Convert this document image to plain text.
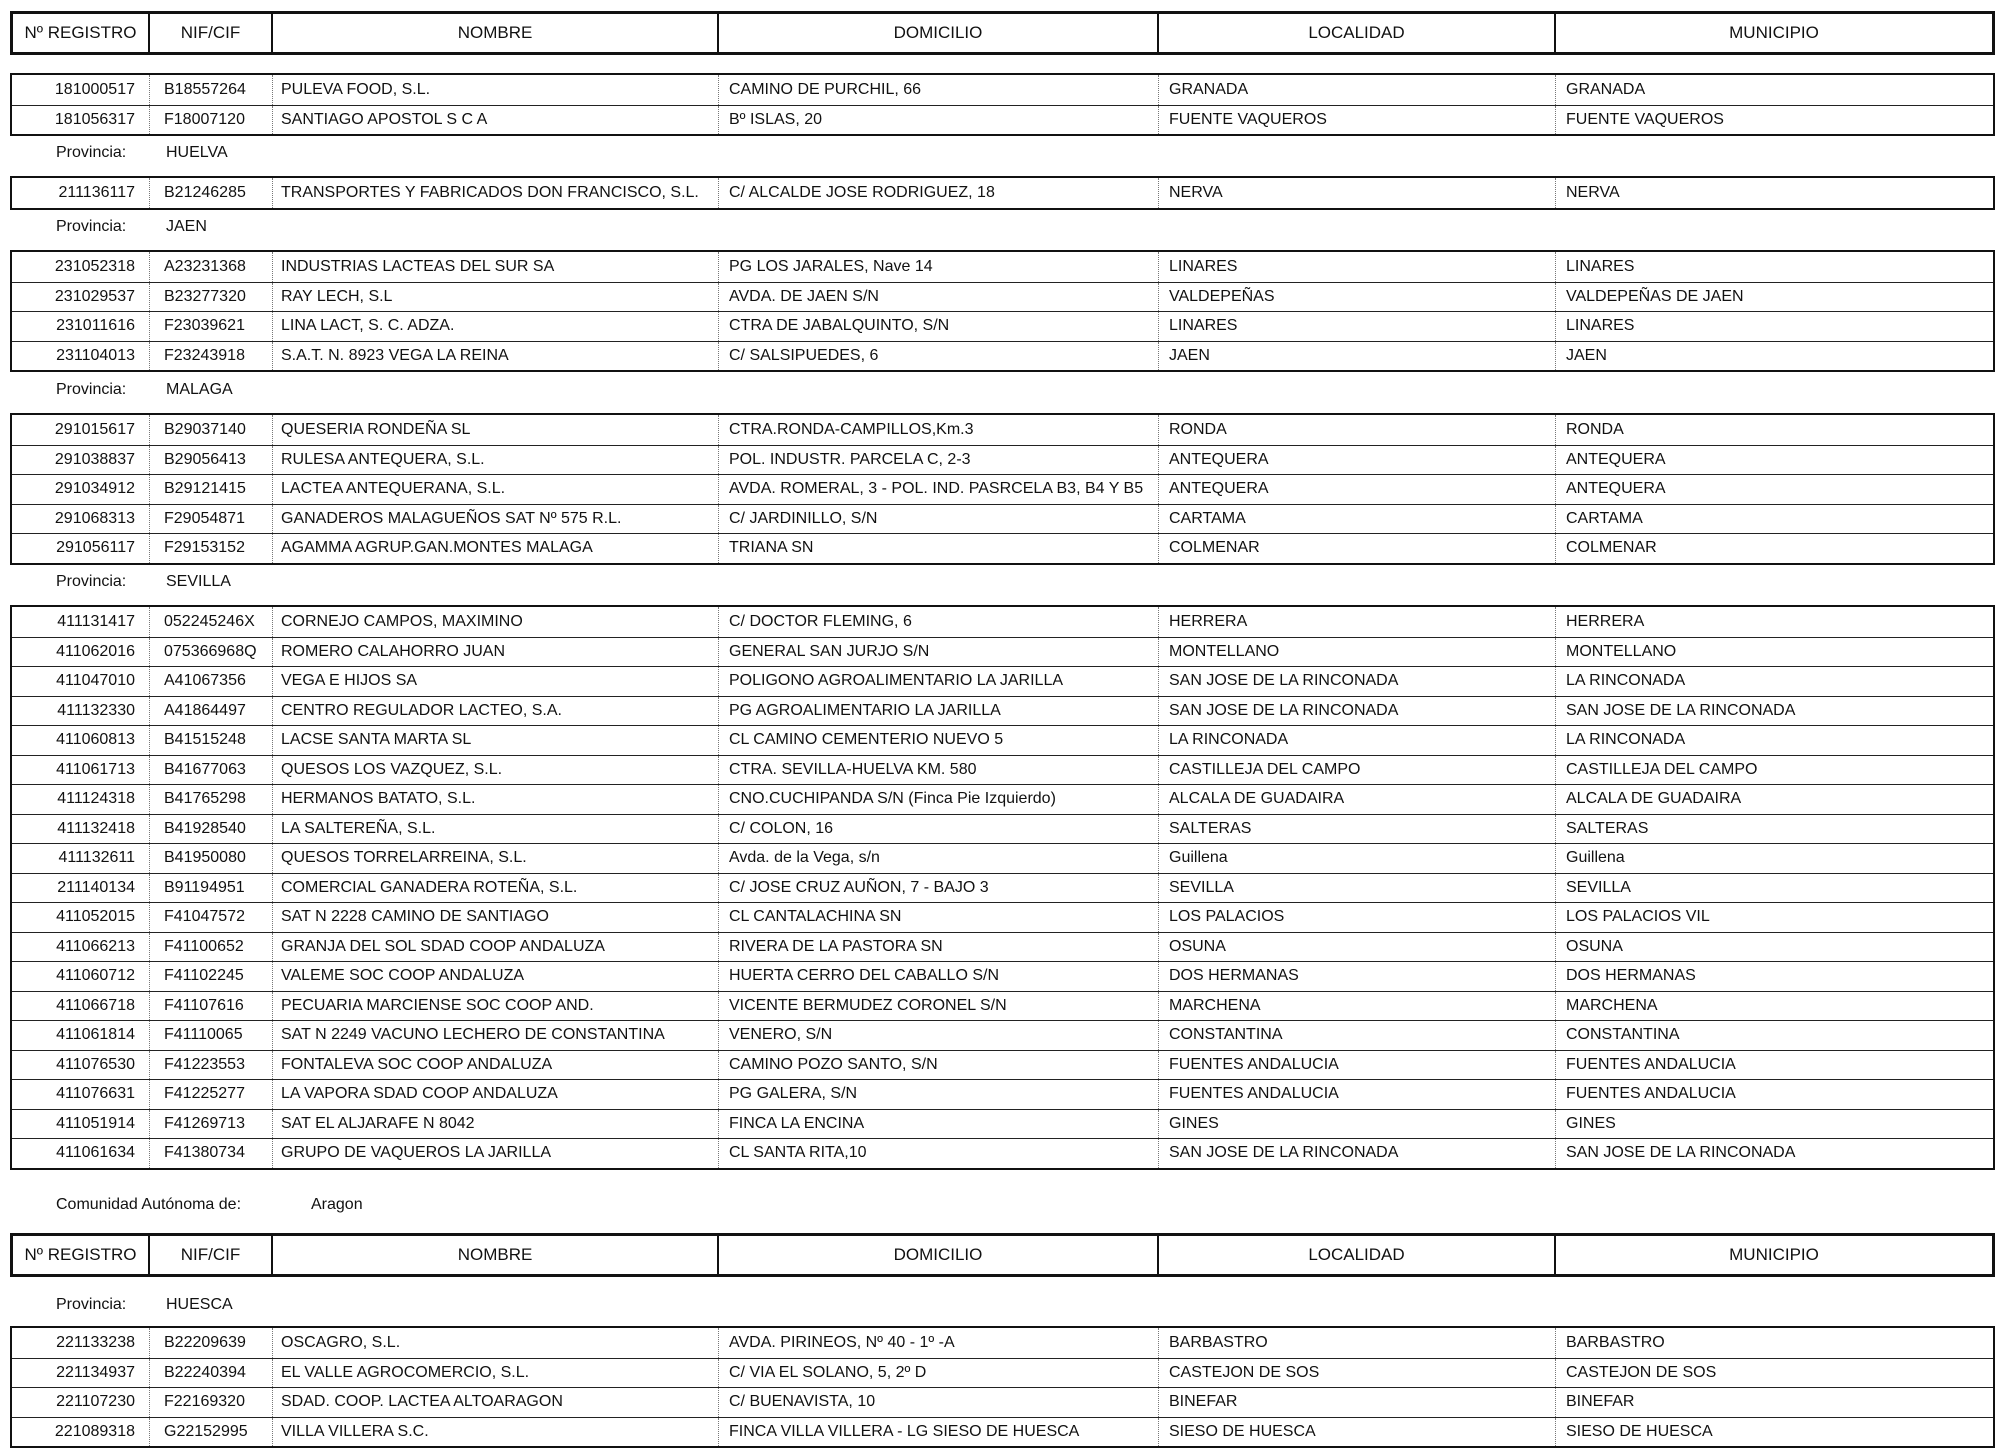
Nº REGISTRO	NIF/CIF	NOMBRE	DOMICILIO	LOCALIDAD	MUNICIPIO
181000517	B18557264	PULEVA FOOD, S.L.	CAMINO DE PURCHIL, 66	GRANADA	GRANADA
181056317	F18007120	SANTIAGO APOSTOL S C A	Bº ISLAS, 20	FUENTE VAQUEROS	FUENTE VAQUEROS
Provincia:	HUELVA
211136117	B21246285	TRANSPORTES Y FABRICADOS DON FRANCISCO, S.L.	C/ ALCALDE JOSE RODRIGUEZ, 18	NERVA	NERVA
Provincia:	JAEN
231052318	A23231368	INDUSTRIAS LACTEAS DEL SUR SA	PG LOS JARALES, Nave 14	LINARES	LINARES
231029537	B23277320	RAY LECH, S.L	AVDA. DE JAEN S/N	VALDEPEÑAS	VALDEPEÑAS DE JAEN
231011616	F23039621	LINA LACT, S. C. ADZA.	CTRA DE JABALQUINTO, S/N	LINARES	LINARES
231104013	F23243918	S.A.T. N. 8923 VEGA LA REINA	C/ SALSIPUEDES, 6	JAEN	JAEN
Provincia:	MALAGA
291015617	B29037140	QUESERIA RONDEÑA SL	CTRA.RONDA-CAMPILLOS,Km.3	RONDA	RONDA
291038837	B29056413	RULESA ANTEQUERA, S.L.	POL. INDUSTR. PARCELA C, 2-3	ANTEQUERA	ANTEQUERA
291034912	B29121415	LACTEA ANTEQUERANA, S.L.	AVDA. ROMERAL, 3 - POL. IND. PASRCELA B3, B4 Y B5	ANTEQUERA	ANTEQUERA
291068313	F29054871	GANADEROS MALAGUEÑOS SAT Nº 575 R.L.	C/ JARDINILLO, S/N	CARTAMA	CARTAMA
291056117	F29153152	AGAMMA AGRUP.GAN.MONTES MALAGA	TRIANA SN	COLMENAR	COLMENAR
Provincia:	SEVILLA
411131417	052245246X	CORNEJO CAMPOS, MAXIMINO	C/ DOCTOR FLEMING, 6	HERRERA	HERRERA
411062016	075366968Q	ROMERO CALAHORRO JUAN	GENERAL SAN JURJO S/N	MONTELLANO	MONTELLANO
411047010	A41067356	VEGA E HIJOS SA	POLIGONO AGROALIMENTARIO LA JARILLA	SAN JOSE DE LA RINCONADA	LA RINCONADA
411132330	A41864497	CENTRO REGULADOR LACTEO, S.A.	PG AGROALIMENTARIO LA JARILLA	SAN JOSE DE LA RINCONADA	SAN JOSE DE LA RINCONADA
411060813	B41515248	LACSE SANTA MARTA SL	CL CAMINO CEMENTERIO NUEVO 5	LA RINCONADA	LA RINCONADA
411061713	B41677063	QUESOS LOS VAZQUEZ, S.L.	CTRA. SEVILLA-HUELVA KM. 580	CASTILLEJA DEL CAMPO	CASTILLEJA DEL CAMPO
411124318	B41765298	HERMANOS BATATO, S.L.	CNO.CUCHIPANDA S/N (Finca Pie Izquierdo)	ALCALA DE GUADAIRA	ALCALA DE GUADAIRA
411132418	B41928540	LA SALTEREÑA, S.L.	C/ COLON, 16	SALTERAS	SALTERAS
411132611	B41950080	QUESOS TORRELARREINA, S.L.	Avda. de la Vega, s/n	Guillena	Guillena
211140134	B91194951	COMERCIAL GANADERA ROTEÑA, S.L.	C/ JOSE CRUZ AUÑON, 7 - BAJO 3	SEVILLA	SEVILLA
411052015	F41047572	SAT N 2228 CAMINO DE SANTIAGO	CL CANTALACHINA SN	LOS PALACIOS	LOS PALACIOS VIL
411066213	F41100652	GRANJA DEL SOL SDAD COOP ANDALUZA	RIVERA DE LA PASTORA SN	OSUNA	OSUNA
411060712	F41102245	VALEME SOC COOP ANDALUZA	HUERTA CERRO DEL CABALLO S/N	DOS HERMANAS	DOS HERMANAS
411066718	F41107616	PECUARIA MARCIENSE SOC COOP AND.	VICENTE BERMUDEZ CORONEL S/N	MARCHENA	MARCHENA
411061814	F41110065	SAT N 2249 VACUNO LECHERO DE CONSTANTINA	VENERO, S/N	CONSTANTINA	CONSTANTINA
411076530	F41223553	FONTALEVA SOC COOP ANDALUZA	CAMINO POZO SANTO, S/N	FUENTES ANDALUCIA	FUENTES ANDALUCIA
411076631	F41225277	LA VAPORA SDAD COOP ANDALUZA	PG GALERA, S/N	FUENTES ANDALUCIA	FUENTES ANDALUCIA
411051914	F41269713	SAT EL ALJARAFE N 8042	FINCA LA ENCINA	GINES	GINES
411061634	F41380734	GRUPO DE VAQUEROS LA JARILLA	CL SANTA RITA,10	SAN JOSE DE LA RINCONADA	SAN JOSE DE LA RINCONADA
Comunidad Autónoma de:	Aragon
Nº REGISTRO	NIF/CIF	NOMBRE	DOMICILIO	LOCALIDAD	MUNICIPIO
Provincia:	HUESCA
221133238	B22209639	OSCAGRO, S.L.	AVDA. PIRINEOS, Nº 40 - 1º -A	BARBASTRO	BARBASTRO
221134937	B22240394	EL VALLE AGROCOMERCIO, S.L.	C/ VIA EL SOLANO, 5, 2º D	CASTEJON DE SOS	CASTEJON DE SOS
221107230	F22169320	SDAD. COOP. LACTEA ALTOARAGON	C/ BUENAVISTA, 10	BINEFAR	BINEFAR
221089318	G22152995	VILLA VILLERA S.C.	FINCA VILLA VILLERA - LG SIESO DE HUESCA	SIESO DE HUESCA	SIESO DE HUESCA
